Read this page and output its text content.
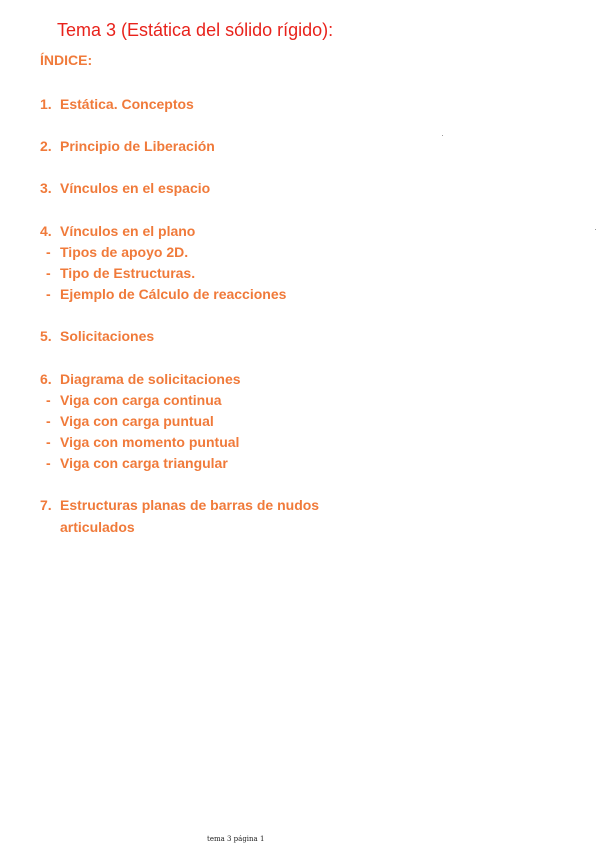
Tema 3 (Estática del sólido rígido):
ÍNDICE:
1. Estática. Conceptos
2. Principio de Liberación
3. Vínculos en el espacio
4. Vínculos en el plano
- Tipos de apoyo 2D.
- Tipo de Estructuras.
- Ejemplo de Cálculo de reacciones
5. Solicitaciones
6. Diagrama de solicitaciones
- Viga con carga continua
- Viga con carga puntual
- Viga con momento puntual
- Viga con carga triangular
7. Estructuras planas de barras de nudos
articulados
tema 3 página 1
